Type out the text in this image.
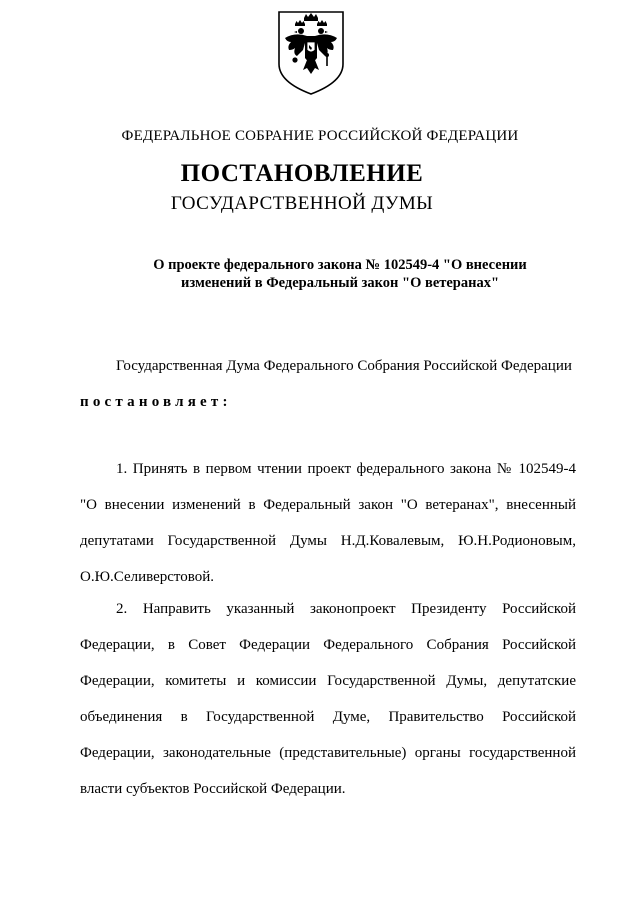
ФЕДЕРАЛЬНОЕ СОБРАНИЕ РОССИЙСКОЙ ФЕДЕРАЦИИ
ПОСТАНОВЛЕНИЕ
ГОСУДАРСТВЕННОЙ ДУМЫ
О проекте федерального закона № 102549-4 "О внесении
изменений в Федеральный закон "О ветеранах"
Государственная Дума Федерального Собрания Российской Федерации
постановляет:
1. Принять в первом чтении проект федерального закона № 102549-4
"О внесении изменений в Федеральный закон "О ветеранах", внесенный
депутатами Государственной Думы Н.Д.Ковалевым, Ю.Н.Родионовым,
О.Ю.Селиверстовой.
2. Направить указанный законопроект Президенту Российской
Федерации, в Совет Федерации Федерального Собрания Российской
Федерации, комитеты и комиссии Государственной Думы, депутатские
объединения в Государственной Думе, Правительство Российской
Федерации, законодательные (представительные) органы государственной
власти субъектов Российской Федерации.
